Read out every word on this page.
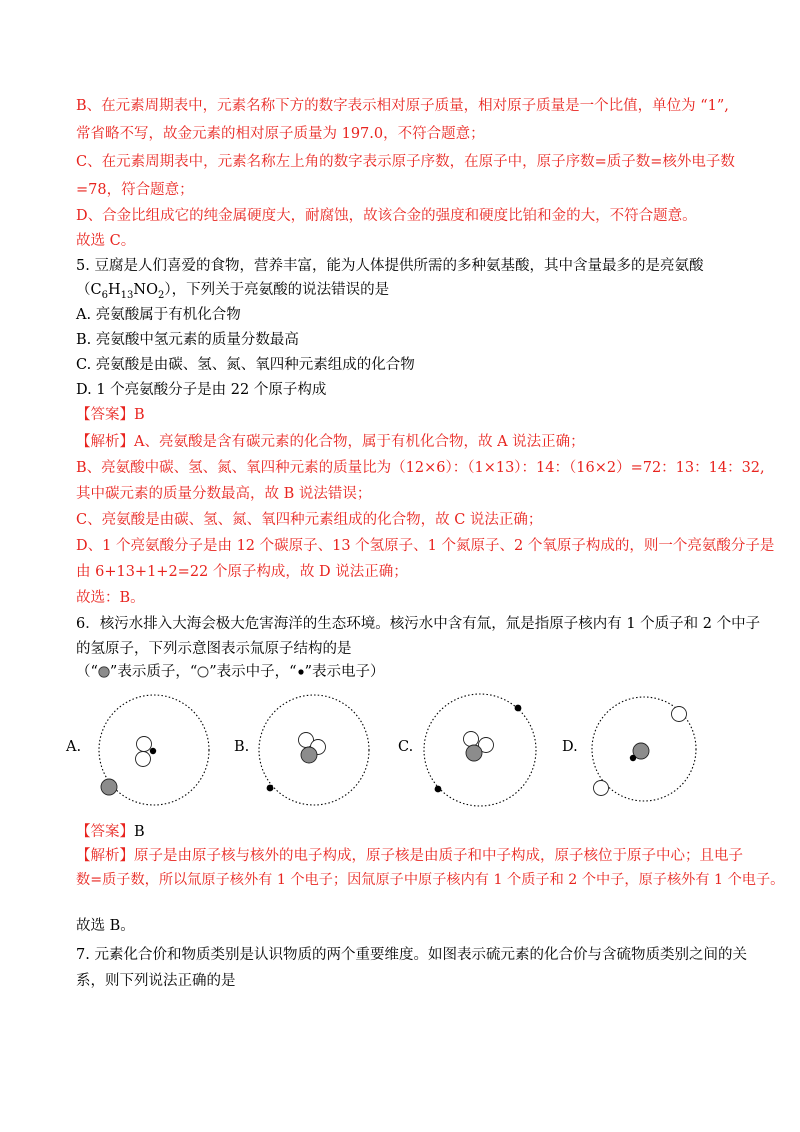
B、在元素周期表中，元素名称下方的数字表示相对原子质量，相对原子质量是一个比值，单位为 “1”,
常省略不写，故金元素的相对原子质量为 197.0，不符合题意；
C、在元素周期表中，元素名称左上角的数字表示原子序数，在原子中，原子序数=质子数=核外电子数
=78，符合题意；
D、合金比组成它的纯金属硬度大，耐腐蚀，故该合金的强度和硬度比铂和金的大，不符合题意。
故选 C。
5. 豆腐是人们喜爱的食物，营养丰富，能为人体提供所需的多种氨基酸，其中含量最多的是亮氨酸
$(C_6H_{13}NO_2)$，下列关于亮氨酸的说法错误的是
A. 亮氨酸属于有机化合物
B. 亮氨酸中氢元素的质量分数最高
C. 亮氨酸是由碳、氢、氮、氧四种元素组成的化合物
D. 1 个亮氨酸分子是由 22 个原子构成
【答案】B
【解析】A、亮氨酸是含有碳元素的化合物，属于有机化合物，故 A 说法正确；
B、亮氨酸中碳、氢、氮、氧四种元素的质量比为（12×6）：（1×13）：14：（16×2）=72：13：14：32,
其中碳元素的质量分数最高，故 B 说法错误；
C、亮氨酸是由碳、氢、氮、氧四种元素组成的化合物，故 C 说法正确；
D、1 个亮氨酸分子是由 12 个碳原子、13 个氢原子、1 个氮原子、2 个氧原子构成的，则一个亮氨酸分子是
由 6+13+1+2=22 个原子构成，故 D 说法正确；
故选：B。
6．核污水排入大海会极大危害海洋的生态环境。核污水中含有氚，氚是指原子核内有 1 个质子和 2 个中子
的氢原子，下列示意图表示氚原子结构的是
（“ ”表示质子，“ ”表示中子，“ ”表示电子）
A.	B.	C.	D.
【答案】B
【解析】原子是由原子核与核外的电子构成，原子核是由质子和中子构成，原子核位于原子中心；且电子
数=质子数，所以氚原子核外有 1 个电子；因氚原子中原子核内有 1 个质子和 2 个中子，原子核外有 1 个电子。
故选 B。
7. 元素化合价和物质类别是认识物质的两个重要维度。如图表示硫元素的化合价与含硫物质类别之间的关
系，则下列说法正确的是
